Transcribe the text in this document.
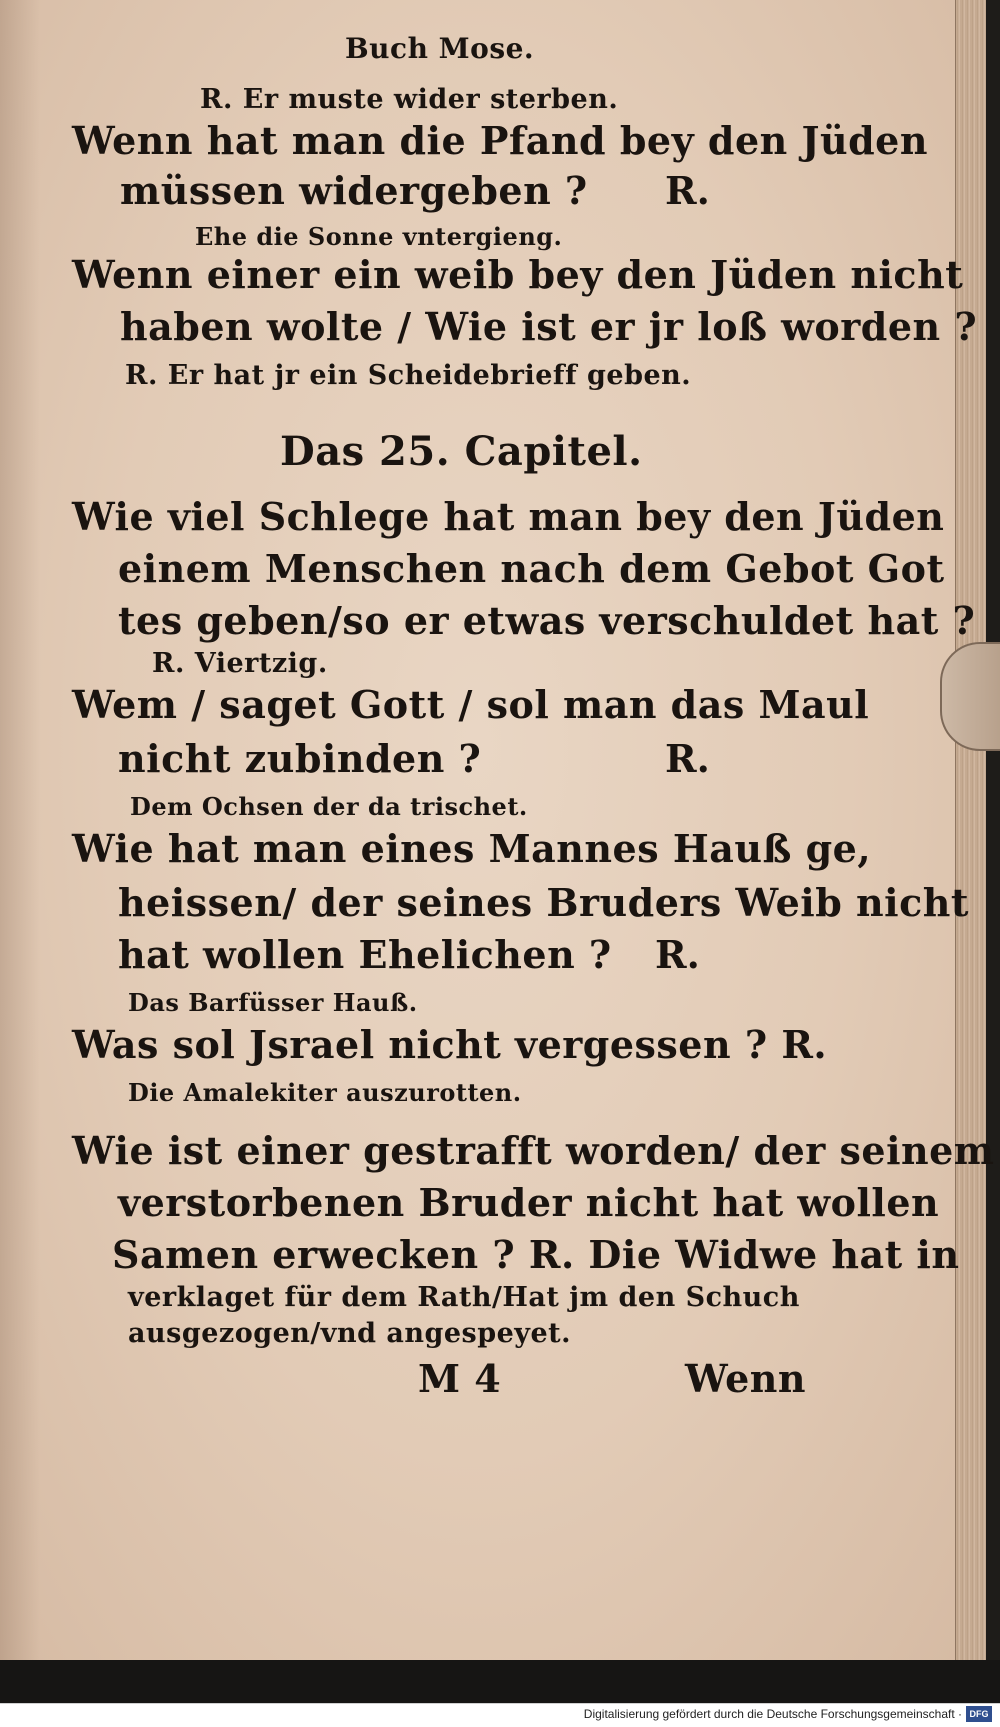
Buch Mose.
R. Er muste wider sterben.
Wenn hat man die Pfand bey den Jüden
müssen widergeben ? R.
Ehe die Sonne vntergieng.
Wenn einer ein weib bey den Jüden nicht
haben wolte / Wie ist er jr loß worden ?
R. Er hat jr ein Scheidebrieff geben.
Das 25. Capitel.
Wie viel Schlege hat man bey den Jüden
einem Menschen nach dem Gebot Got
tes geben/so er etwas verschuldet hat ?
R. Viertzig.
Wem / saget Gott / sol man das Maul
nicht zubinden ?	R.
Dem Ochsen der da trischet.
Wie hat man eines Mannes Hauß ge,
heissen/ der seines Bruders Weib nicht
hat wollen Ehelichen ? R.
Das Barfüsser Hauß.
Was sol Jsrael nicht vergessen ? R.
Die Amalekiter auszurotten.
Wie ist einer gestrafft worden/ der seinem
verstorbenen Bruder nicht hat wollen
Samen erwecken ? R. Die Widwe hat in
verklaget für dem Rath/Hat jm den Schuch
ausgezogen/vnd angespeyet.
M 4	Wenn
Digitalisierung gefördert durch die Deutsche Forschungsgemeinschaft · DFG
